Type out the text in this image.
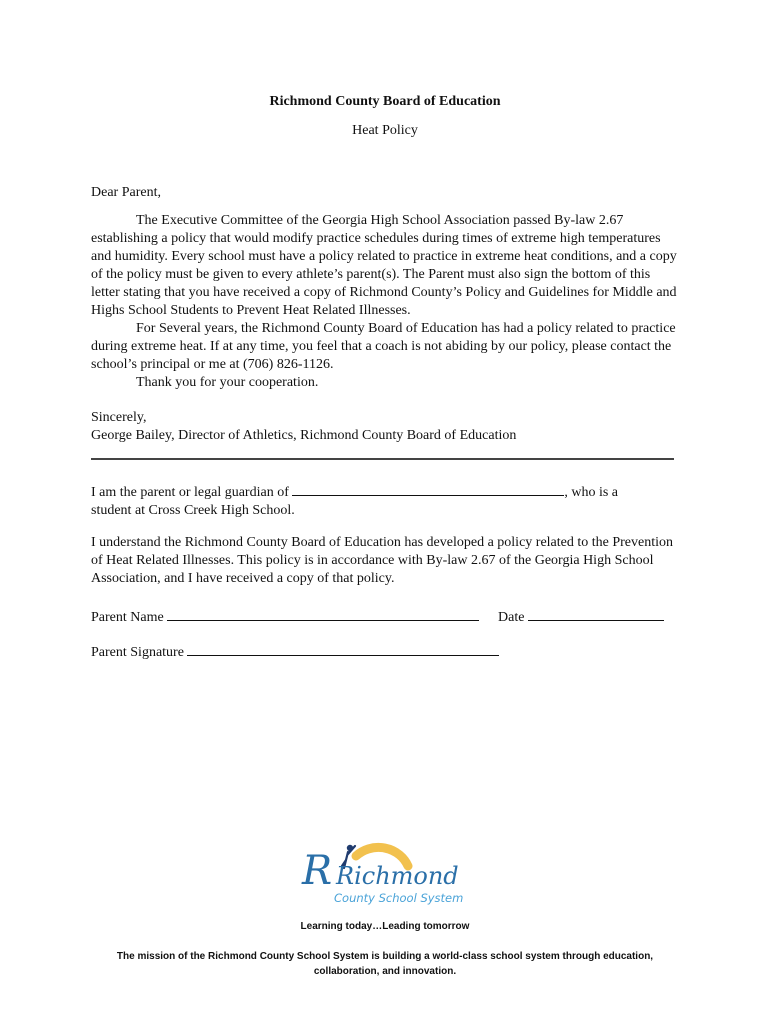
Richmond County Board of Education
Heat Policy
Dear Parent,

The Executive Committee of the Georgia High School Association passed By-law 2.67 establishing a policy that would modify practice schedules during times of extreme high temperatures and humidity. Every school must have a policy related to practice in extreme heat conditions, and a copy of the policy must be given to every athlete’s parent(s). The Parent must also sign the bottom of this letter stating that you have received a copy of Richmond County’s Policy and Guidelines for Middle and Highs School Students to Prevent Heat Related Illnesses.

For Several years, the Richmond County Board of Education has had a policy related to practice during extreme heat. If at any time, you feel that a coach is not abiding by our policy, please contact the school’s principal or me at (706) 826-1126.

Thank you for your cooperation.

Sincerely,
George Bailey, Director of Athletics, Richmond County Board of Education
I am the parent or legal guardian of	, who is a
student at Cross Creek High School.
I understand the Richmond County Board of Education has developed a policy related to the Prevention of Heat Related Illnesses. This policy is in accordance with By-law 2.67 of the Georgia High School Association, and I have received a copy of that policy.
Parent Name	Date
Parent Signature
R Richmond
County School System
Learning today…Leading tomorrow
The mission of the Richmond County School System is building a world-class school system through education, collaboration, and innovation.
